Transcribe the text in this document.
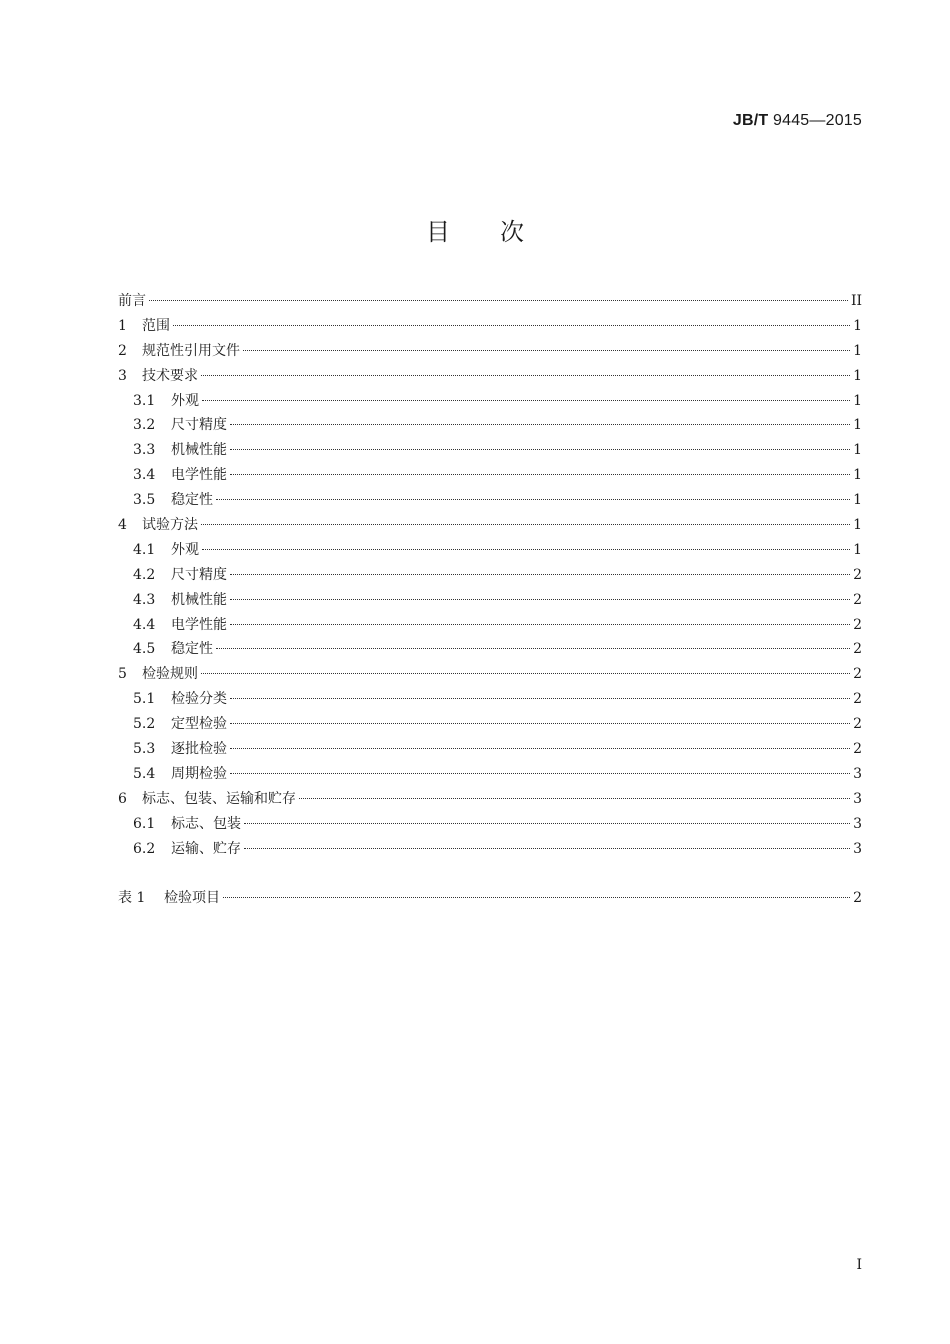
JB/T 9445—2015
目次
前言	II
1	范围	1
2	规范性引用文件	1
3	技术要求	1
3.1	外观	1
3.2	尺寸精度	1
3.3	机械性能	1
3.4	电学性能	1
3.5	稳定性	1
4	试验方法	1
4.1	外观	1
4.2	尺寸精度	2
4.3	机械性能	2
4.4	电学性能	2
4.5	稳定性	2
5	检验规则	2
5.1	检验分类	2
5.2	定型检验	2
5.3	逐批检验	2
5.4	周期检验	3
6	标志、包装、运输和贮存	3
6.1	标志、包装	3
6.2	运输、贮存	3
表 1	检验项目	2
I
